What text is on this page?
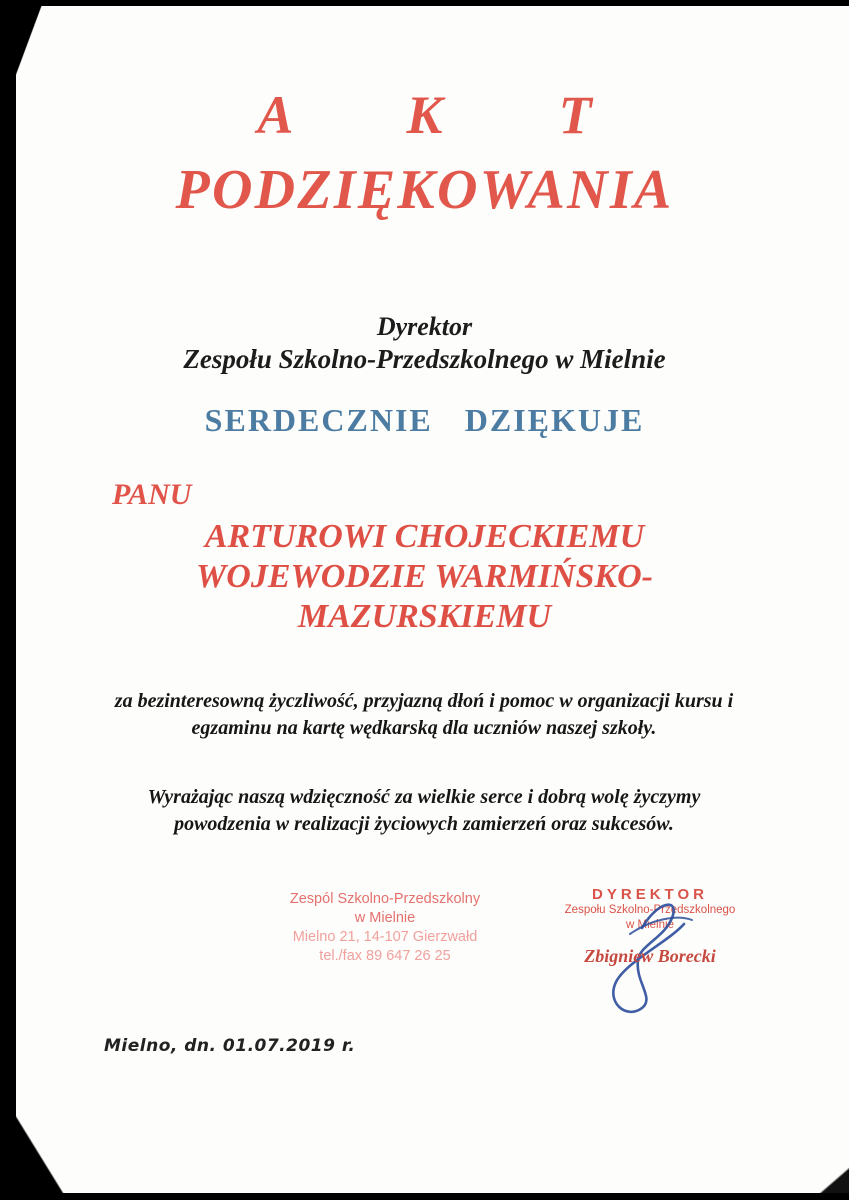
A K T
PODZIĘKOWANIA
Dyrektor
Zespołu Szkolno-Przedszkolnego w Mielnie
SERDECZNIE DZIĘKUJE
PANU
ARTUROWI CHOJECKIEMU
WOJEWODZIE WARMIŃSKO-
MAZURSKIEMU
za bezinteresowną życzliwość, przyjazną dłoń i pomoc w organizacji kursu i egzaminu na kartę wędkarską dla uczniów naszej szkoły.
Wyrażając naszą wdzięczność za wielkie serce i dobrą wolę życzymy powodzenia w realizacji życiowych zamierzeń oraz sukcesów.
Zespól Szkolno-Przedszkolny
w Mielnie
Mielno 21, 14-107 Gierzwałd
tel./fax 89 647 26 25
DYREKTOR
Zespołu Szkolno-Przedszkolnego
w Mielnie
Zbigniew Borecki
Mielno, dn. 01.07.2019 r.
